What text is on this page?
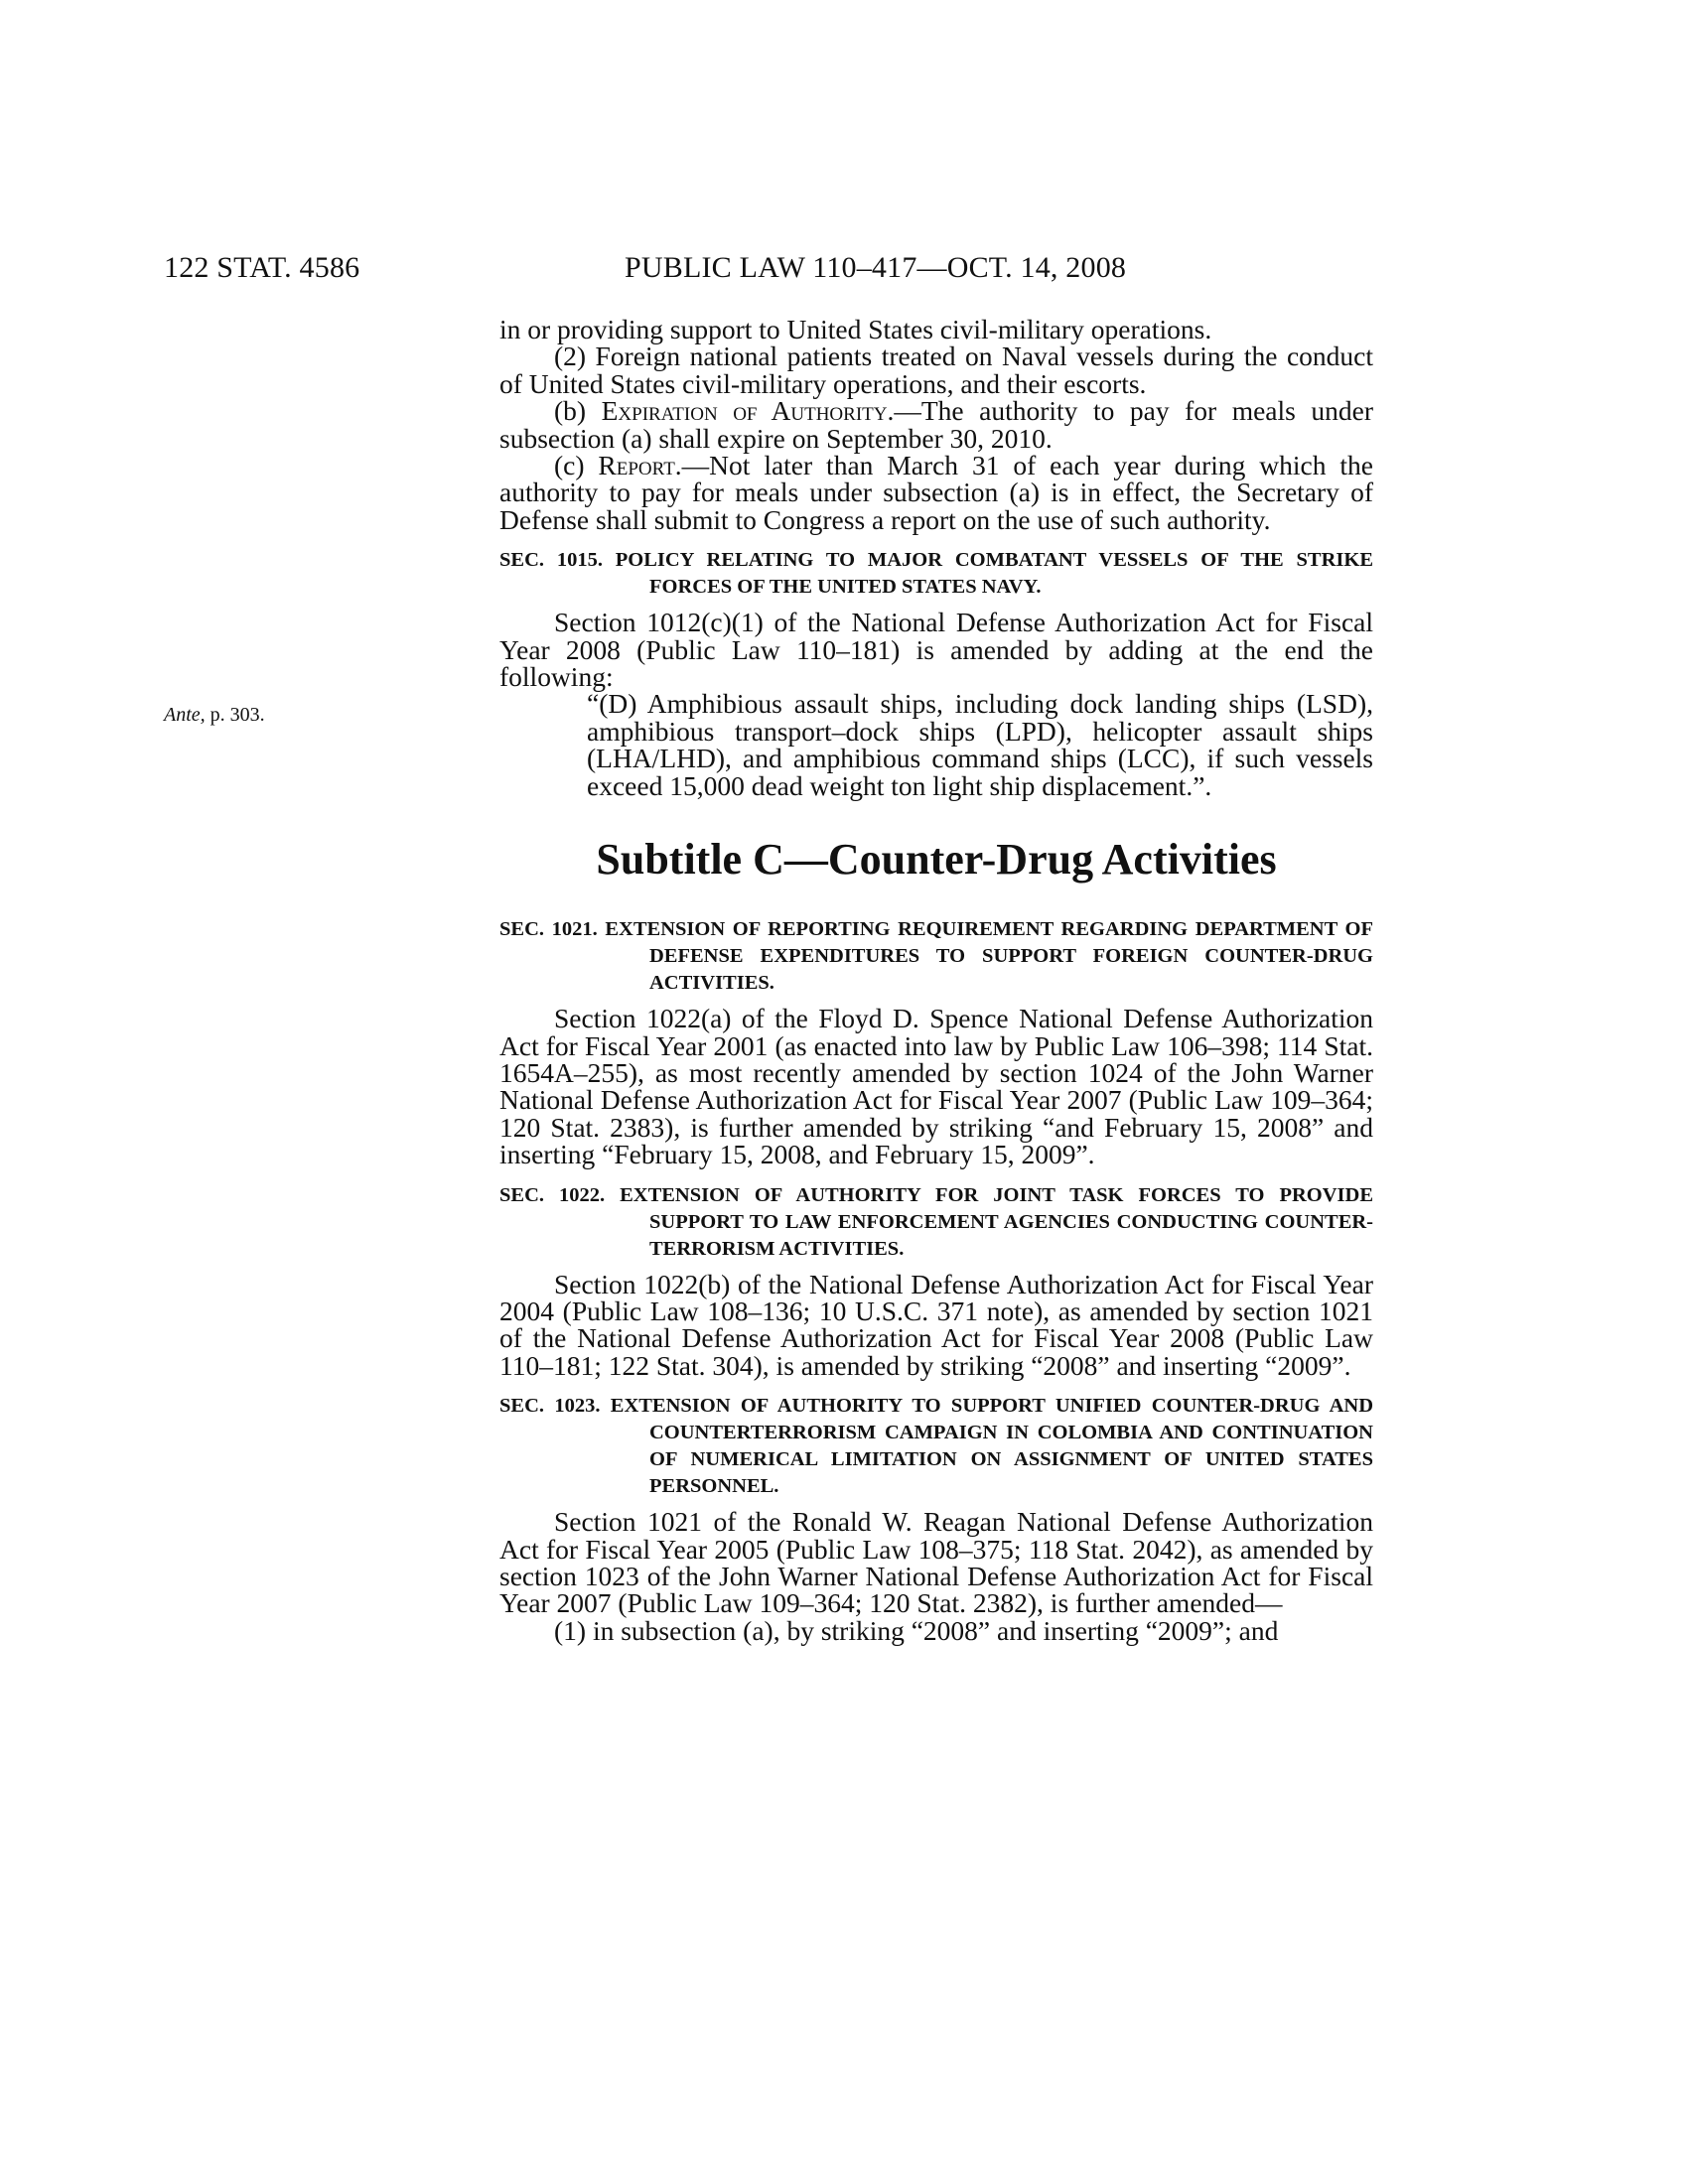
122 STAT. 4586	PUBLIC LAW 110–417—OCT. 14, 2008
Ante, p. 303.

in or providing support to United States civil-military operations.

(2) Foreign national patients treated on Naval vessels during the conduct of United States civil-military operations, and their escorts.

(b) Expiration of Authority.—The authority to pay for meals under subsection (a) shall expire on September 30, 2010.

(c) Report.—Not later than March 31 of each year during which the authority to pay for meals under subsection (a) is in effect, the Secretary of Defense shall submit to Congress a report on the use of such authority.

SEC. 1015. POLICY RELATING TO MAJOR COMBATANT VESSELS OF THE STRIKE FORCES OF THE UNITED STATES NAVY.

Section 1012(c)(1) of the National Defense Authorization Act for Fiscal Year 2008 (Public Law 110–181) is amended by adding at the end the following:

“(D) Amphibious assault ships, including dock landing ships (LSD), amphibious transport–dock ships (LPD), helicopter assault ships (LHA/LHD), and amphibious command ships (LCC), if such vessels exceed 15,000 dead weight ton light ship displacement.”.

Subtitle C—Counter-Drug Activities

SEC. 1021. EXTENSION OF REPORTING REQUIREMENT REGARDING DEPARTMENT OF DEFENSE EXPENDITURES TO SUPPORT FOREIGN COUNTER-DRUG ACTIVITIES.

Section 1022(a) of the Floyd D. Spence National Defense Authorization Act for Fiscal Year 2001 (as enacted into law by Public Law 106–398; 114 Stat. 1654A–255), as most recently amended by section 1024 of the John Warner National Defense Authorization Act for Fiscal Year 2007 (Public Law 109–364; 120 Stat. 2383), is further amended by striking “and February 15, 2008” and inserting “February 15, 2008, and February 15, 2009”.

SEC. 1022. EXTENSION OF AUTHORITY FOR JOINT TASK FORCES TO PROVIDE SUPPORT TO LAW ENFORCEMENT AGENCIES CONDUCTING COUNTER-TERRORISM ACTIVITIES.

Section 1022(b) of the National Defense Authorization Act for Fiscal Year 2004 (Public Law 108–136; 10 U.S.C. 371 note), as amended by section 1021 of the National Defense Authorization Act for Fiscal Year 2008 (Public Law 110–181; 122 Stat. 304), is amended by striking “2008” and inserting “2009”.

SEC. 1023. EXTENSION OF AUTHORITY TO SUPPORT UNIFIED COUNTER-DRUG AND COUNTERTERRORISM CAMPAIGN IN COLOMBIA AND CONTINUATION OF NUMERICAL LIMITATION ON ASSIGNMENT OF UNITED STATES PERSONNEL.

Section 1021 of the Ronald W. Reagan National Defense Authorization Act for Fiscal Year 2005 (Public Law 108–375; 118 Stat. 2042), as amended by section 1023 of the John Warner National Defense Authorization Act for Fiscal Year 2007 (Public Law 109–364; 120 Stat. 2382), is further amended—

(1) in subsection (a), by striking “2008” and inserting “2009”; and
